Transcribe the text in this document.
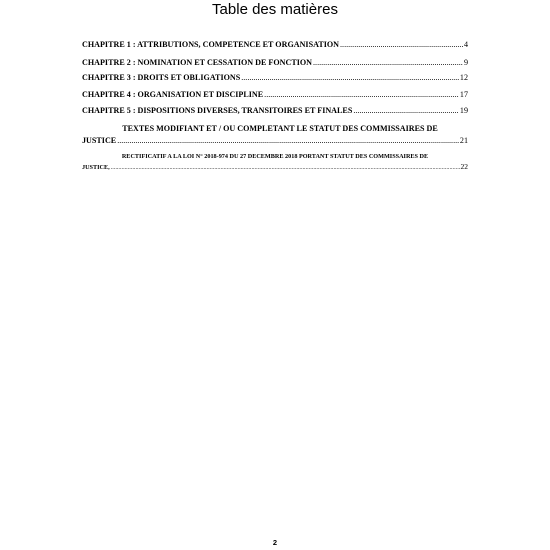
Table des matières
CHAPITRE 1 : ATTRIBUTIONS, COMPETENCE ET ORGANISATION .....	4
CHAPITRE 2 : NOMINATION ET CESSATION DE FONCTION .....	9
CHAPITRE 3 : DROITS ET OBLIGATIONS .....	12
CHAPITRE 4 : ORGANISATION ET DISCIPLINE .....	17
CHAPITRE 5 : DISPOSITIONS DIVERSES, TRANSITOIRES ET FINALES .....	19
TEXTES MODIFIANT ET / OU COMPLETANT LE STATUT DES COMMISSAIRES DE
JUSTICE .....	21
RECTIFICATIF A LA LOI N° 2018-974 DU 27 DECEMBRE 2018 PORTANT STATUT DES COMMISSAIRES DE
JUSTICE, .....	22
2
